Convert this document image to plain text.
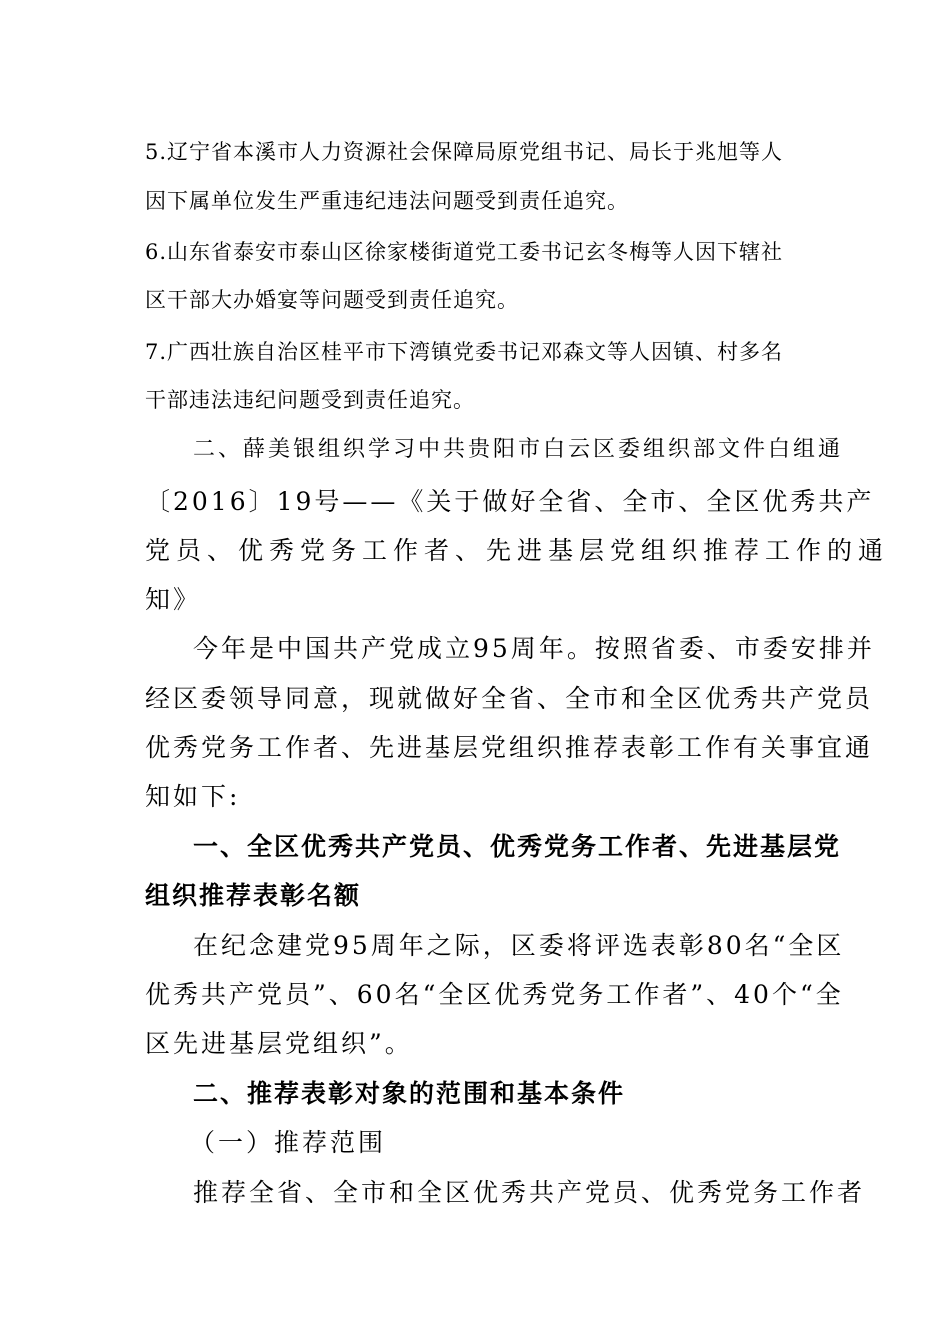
5.辽宁省本溪市人力资源社会保障局原党组书记、局长于兆旭等人
因下属单位发生严重违纪违法问题受到责任追究。
6.山东省泰安市泰山区徐家楼街道党工委书记玄冬梅等人因下辖社
区干部大办婚宴等问题受到责任追究。
7.广西壮族自治区桂平市下湾镇党委书记邓森文等人因镇、村多名
干部违法违纪问题受到责任追究。
二、薛美银组织学习中共贵阳市白云区委组织部文件白组通
〔2016〕19号——《关于做好全省、全市、全区优秀共产
党员、优秀党务工作者、先进基层党组织推荐工作的通
知》
今年是中国共产党成立95周年。按照省委、市委安排并
经区委领导同意，现就做好全省、全市和全区优秀共产党员
优秀党务工作者、先进基层党组织推荐表彰工作有关事宜通
知如下:
一、全区优秀共产党员、优秀党务工作者、先进基层党
组织推荐表彰名额
在纪念建党95周年之际，区委将评选表彰80名“全区
优秀共产党员”、60名“全区优秀党务工作者”、40个“全
区先进基层党组织”。
二、推荐表彰对象的范围和基本条件
（一）推荐范围
推荐全省、全市和全区优秀共产党员、优秀党务工作者
